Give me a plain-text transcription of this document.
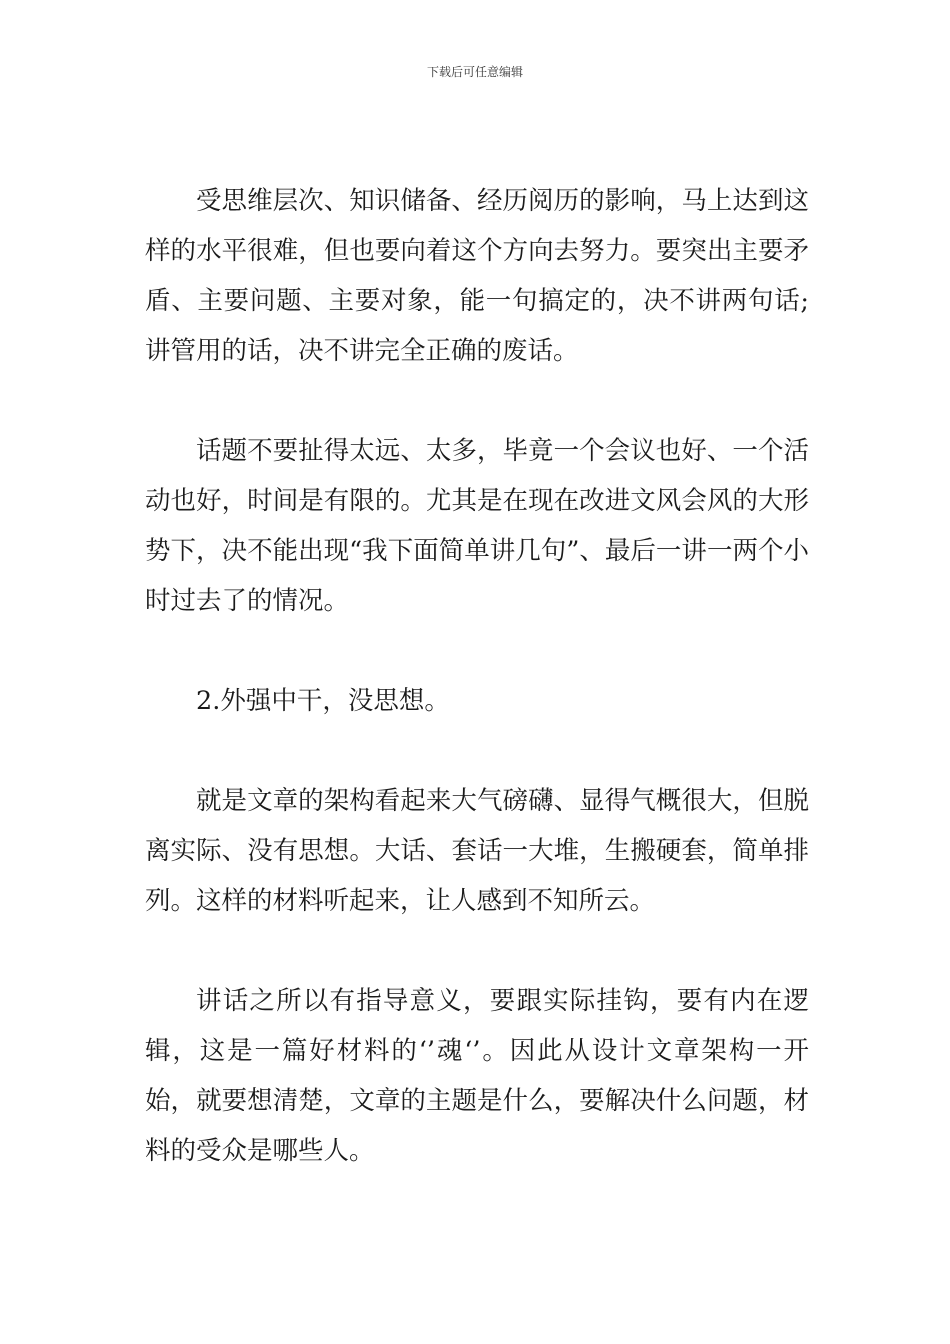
下载后可任意编辑

受思维层次、知识储备、经历阅历的影响，马上达到这样的水平很难，但也要向着这个方向去努力。要突出主要矛盾、主要问题、主要对象，能一句搞定的，决不讲两句话;讲管用的话，决不讲完全正确的废话。

话题不要扯得太远、太多，毕竟一个会议也好、一个活动也好，时间是有限的。尤其是在现在改进文风会风的大形势下，决不能出现“我下面简单讲几句”、最后一讲一两个小时过去了的情况。

2.外强中干，没思想。

就是文章的架构看起来大气磅礴、显得气概很大，但脱离实际、没有思想。大话、套话一大堆，生搬硬套，简单排列。这样的材料听起来，让人感到不知所云。

讲话之所以有指导意义，要跟实际挂钩，要有内在逻辑，这是一篇好材料的‘’魂‘’。因此从设计文章架构一开始，就要想清楚，文章的主题是什么，要解决什么问题，材料的受众是哪些人。
